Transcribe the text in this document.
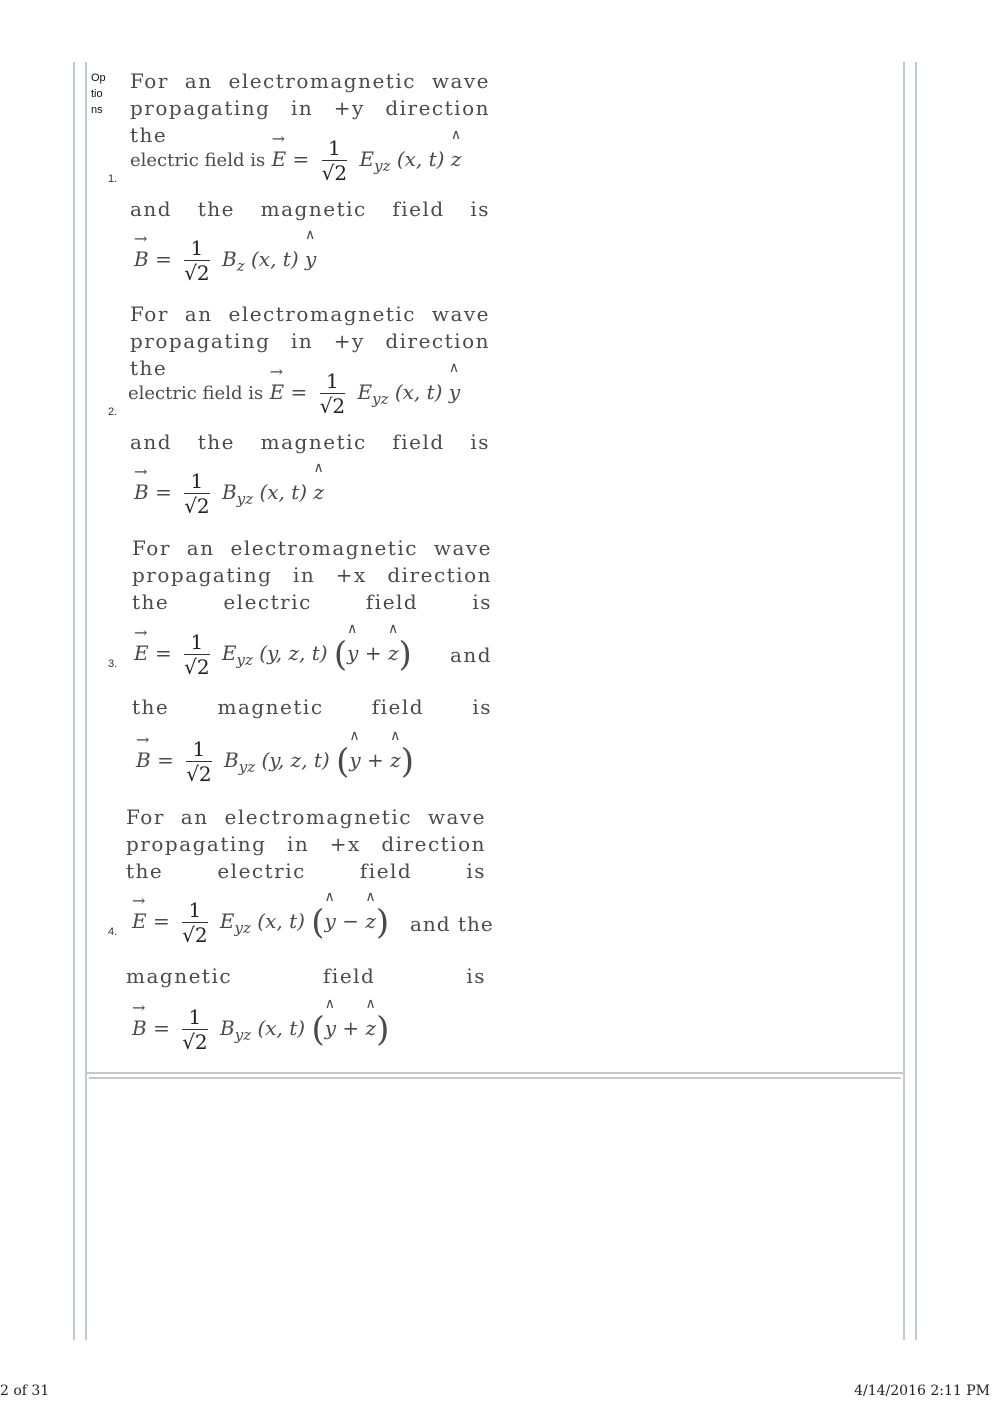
Op tio ns
1.
For an electromagnetic wave propagating in +y direction the
electric field is → $E = \frac{1}{√2} E_{yz}$ (x, t) ∧ z
and the magnetic field is
→ $B = \frac{1}{√2} B_z$ (x, t) ∧ y
2.
For an electromagnetic wave propagating in +y direction the
electric field is → $E = \frac{1}{√2} E_{yz}$ (x, t) ∧ y
and the magnetic field is
→ $B = \frac{1}{√2} B_{yz}$ (x, t) ∧ z
3.
For an electromagnetic wave propagating in +x direction the electric field is
→ $E = \frac{1}{√2} E_{yz}$ (y, z, t) (∧ y + ∧ z) and
the magnetic field is
→ $B = \frac{1}{√2} B_{yz}$ (y, z, t) (∧ y + ∧ z)
4.
For an electromagnetic wave propagating in +x direction the electric field is
→ $E = \frac{1}{√2} E_{yz}$ (x, t) (∧ y − ∧ z) and the
magnetic field is
→ $B = \frac{1}{√2} B_{yz}$ (x, t) (∧ y + ∧ z)
2 of 31	4/14/2016 2:11 PM
